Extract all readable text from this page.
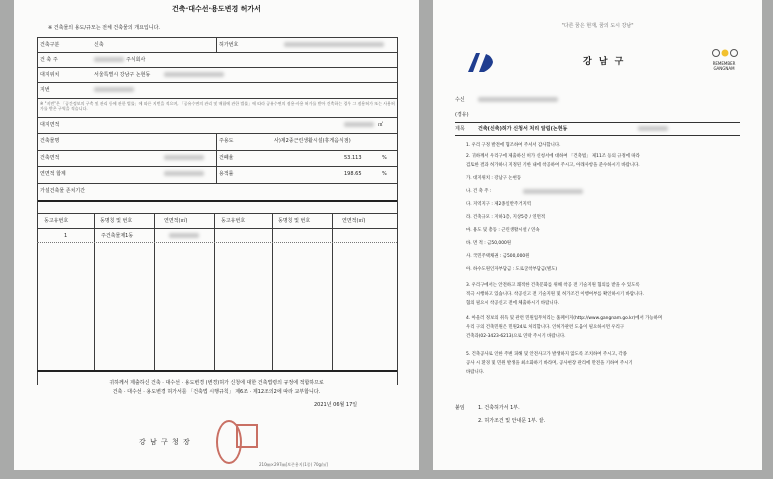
건축·대수선·용도변경 허가서
※ 건축물의 용도/규모는 전체 건축물의 개요입니다.
건축구분	신축	허가번호
건 축 주	주식회사
대지위치	서울특별시 강남구 논현동
지번
※ "지번"은 「공간정보의 구축 및 관리 등에 관한 법률」에 따른 지번을 적으며, 「공유수면의 관리 및 매립에 관한 법률」에 따라 공유수면의 점용·사용 허가를 받아 건축하는 경우 그 점용허가 또는 사용허가를 받은 구역을 적습니다.
대지면적	㎡
건축물명	주용도	사)제2종근린생활시설(휴게음식점)
건축면적	건폐율	53.113	%
연면적 합계	용적률	198.65	%
가설건축물 존치기간
동고유번호	동명칭 및 번호	연면적(㎡)	동고유번호	동명칭 및 번호	연면적(㎡)
1	주건축물제1동
귀하께서 제출하신 건축 · 대수선 · 용도변경 (변경)허가 신청에 대한 건축법령의 규정에 적합하므로
건축 · 대수선 · 용도변경 허가서를 「건축법 시행규칙」 제6조 · 제12조의2에 따라 교부합니다.
2021년 06월 17일
강 남 구 청 장
210㎜×297㎜[보존용지(1종) 70g/㎡]
"다른 꿈은 현재, 꿈의 도시 강남"
강 남 구	REMEMBER GANGNAM
수신
(경유)
제목	건축(신축)허가 신청서 처리 알림(논현동
1. 우리 구정 발전에 협조하여 주셔서 감사합니다.
2. 귀하께서 우리구에 제출하신 허가 신청서에 대하여 「건축법」 제11조 등의 규정에 따라
검토한 결과 허가하니 지정된 기한 내에 착공하여 주시고, 아래사항을 준수하시기 바랍니다.
가. 대지위치 : 강남구 논현동
나. 건 축 주 :
다. 지역지구 : 제2종일반주거지역
라. 건축규모 : 지하1층, 지상5층 / 연면적
마. 용도 및 총동 : 근린생활시설 / 연속
바. 면 적 : 금50,000원
사. 국민주택채권 : 금500,000원
아. 하수도원인자부담금 : 도로굴착부담금(별도)
3. 우리구에서는 안전하고 쾌적한 건축문화를 위해 착공 전 기술지원 협의를 받을 수 있도록
적극 시행하고 있습니다. 착공신고 전 기술지원 및 허가조건 이행여부를 확인하시기 바랍니다.
협의 필요시 착공신고 전에 체출하시기 바랍니다.
4. 아울러 정보의 취득 및 관련 민원업무처리는 홈페이지(http://www.gangnam.go.kr)에서 가능하며
우리 구의 건축민원은 민원24로 처리합니다. 인허가관련 도움이 필요하시면 우리구
건축과(02-3423-6213)으로 연락 주시기 바랍니다.
5. 건축공사로 인한 주변 피해 및 안전사고가 발생하지 않도록 조치하여 주시고, 각종
공사 시 환경 및 민원 발생을 최소화하기 바라며, 공사현장 관리에 만전을 기하여 주시기
바랍니다.
붙임	1. 건축허가서 1부.
2. 허가조건 및 안내문 1부. 끝.
